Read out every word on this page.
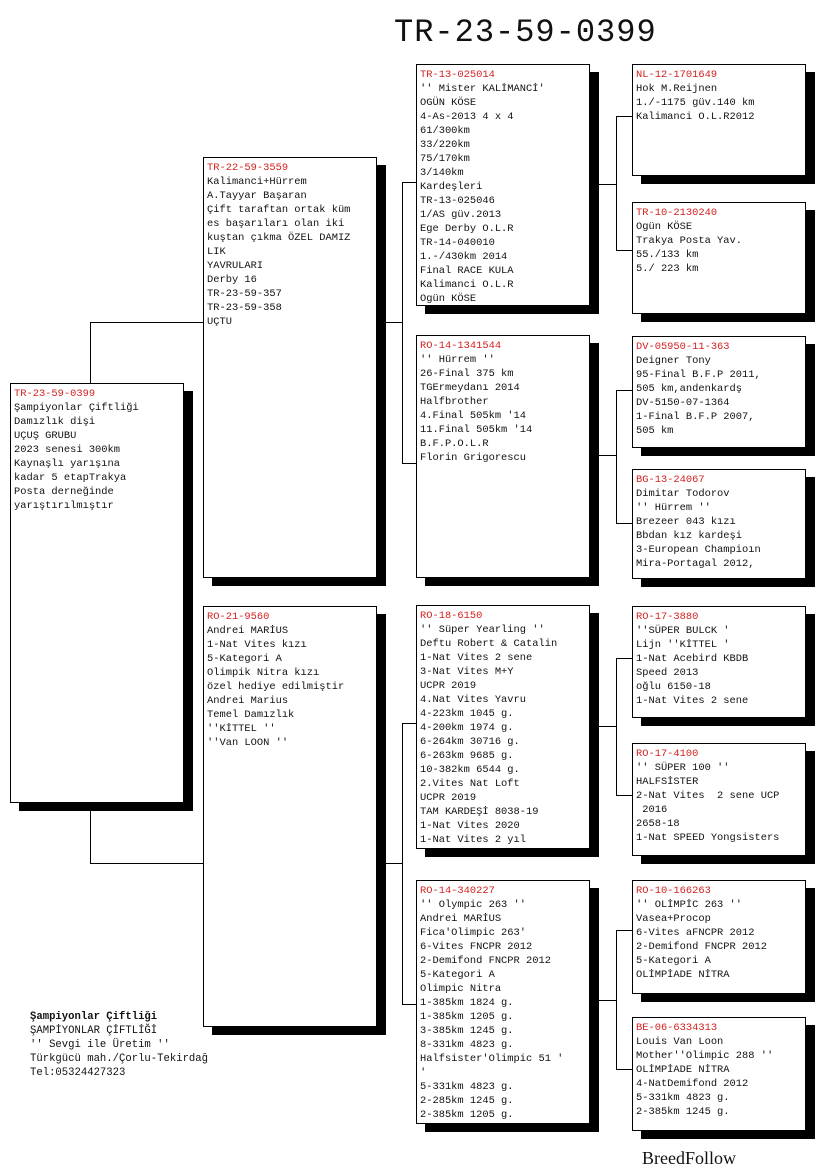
TR-23-59-0399
TR-23-59-0399
Şampiyonlar Çiftliği
Damızlık dişi
UÇUŞ GRUBU
2023 senesi 300km
Kaynaşlı yarışına
kadar 5 etapTrakya
Posta derneğinde
yarıştırılmıştır
TR-22-59-3559
Kalimanci+Hürrem
A.Tayyar Başaran
Çift taraftan ortak küm
es başarıları olan iki
kuştan çıkma ÖZEL DAMIZ
LIK
YAVRULARI
Derby 16
TR-23-59-357
TR-23-59-358
UÇTU
RO-21-9560
Andrei MARİUS
1-Nat Vites kızı
5-Kategori A
Olimpik Nitra kızı
özel hediye edilmiştir
Andrei Marius
Temel Damızlık
''KİTTEL ''
''Van LOON ''
TR-13-025014
'' Mister KALİMANCİ'
OGÜN KÖSE
4-As-2013 4 x 4
61/300km
33/220km
75/170km
3/140km
Kardeşleri
TR-13-025046
1/AS güv.2013
Ege Derby O.L.R
TR-14-040010
1.-/430km 2014
Final RACE KULA
Kalimanci O.L.R
Ogün KÖSE
RO-14-1341544
'' Hürrem ''
26-Final 375 km
TGErmeydanı 2014
Halfbrother
4.Final 505km '14
11.Final 505km '14
B.F.P.O.L.R
Florin Grigorescu
RO-18-6150
'' Süper Yearling ''
Deftu Robert & Catalin
1-Nat Vites 2 sene
3-Nat Vites M+Y
UCPR 2019
4.Nat Vites Yavru
4-223km 1045 g.
4-200km 1974 g.
6-264km 30716 g.
6-263km 9685 g.
10-382km 6544 g.
2.Vites Nat Loft
UCPR 2019
TAM KARDEŞİ 8038-19
1-Nat Vites 2020
1-Nat Vites 2 yıl
RO-14-340227
'' Olympic 263 ''
Andrei MARİUS
Fica'Olimpic 263'
6-Vites FNCPR 2012
2-Demifond FNCPR 2012
5-Kategori A
Olimpic Nitra
1-385km 1824 g.
1-385km 1205 g.
3-385km 1245 g.
8-331km 4823 g.
Halfsister'Olimpic 51 '
'
5-331km 4823 g.
2-285km 1245 g.
2-385km 1205 g.
NL-12-1701649
Hok M.Reijnen
1./-1175 güv.140 km
Kalimanci O.L.R2012
TR-10-2130240
Ogün KÖSE
Trakya Posta Yav.
55./133 km
5./ 223 km
DV-05950-11-363
Deigner Tony
95-Final B.F.P 2011,
505 km,andenkardş
DV-5150-07-1364
1-Final B.F.P 2007,
505 km
BG-13-24067
Dimitar Todorov
'' Hürrem ''
Brezeer 043 kızı
Bbdan kız kardeşi
3-European Champioın
Mira-Portagal 2012,
RO-17-3880
''SÜPER BULCK '
Lijn ''KİTTEL '
1-Nat Acebird KBDB
Speed 2013
oğlu 6150-18
1-Nat Vites 2 sene
RO-17-4100
'' SÜPER 100 ''
HALFSİSTER
2-Nat Vites  2 sene UCP
2016
2658-18
1-Nat SPEED Yongsisters
RO-10-166263
'' OLİMPİC 263 ''
Vasea+Procop
6-Vites aFNCPR 2012
2-Demifond FNCPR 2012
5-Kategori A
OLİMPİADE NİTRA
BE-06-6334313
Louis Van Loon
Mother''Olimpic 288 ''
OLİMPİADE NİTRA
4-NatDemifond 2012
5-331km 4823 g.
2-385km 1245 g.
Şampiyonlar Çiftliği
ŞAMPİYONLAR ÇİFTLİĞİ
'' Sevgi ile Üretim ''
Türkgücü mah./Çorlu-Tekirdağ
Tel:05324427323
BreedFollow
